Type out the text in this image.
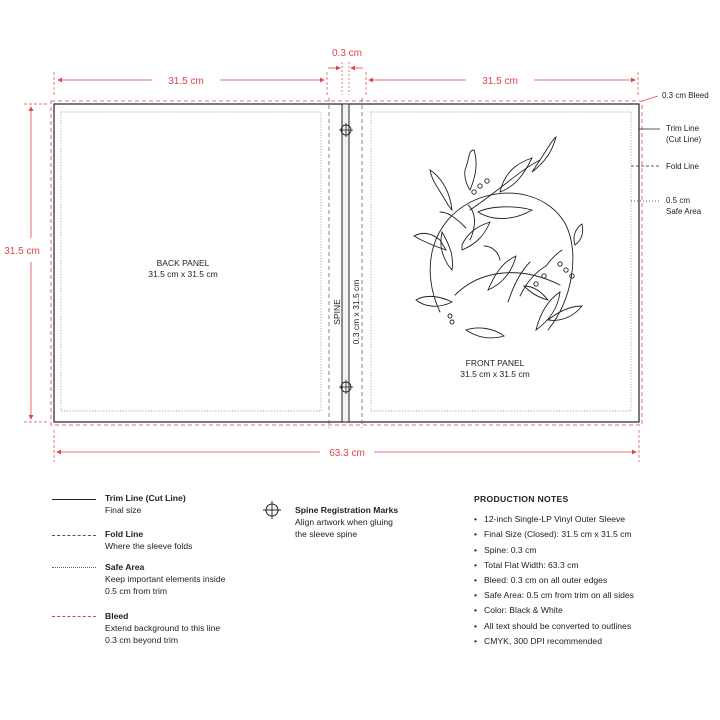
31.5 cm
0.3 cm
31.5 cm
31.5 cm
63.3 cm
0.3 cm Bleed
Trim Line
(Cut Line)
Fold Line
0.5 cm
Safe Area
BACK PANEL
31.5 cm x 31.5 cm
SPINE 0.3 cm x 31.5 cm
FRONT PANEL
31.5 cm x 31.5 cm
Trim Line (Cut Line)
Final size
Fold Line
Where the sleeve folds
Safe Area
Keep important elements inside
0.5 cm from trim
Bleed
Extend background to this line
0.3 cm beyond trim
Spine Registration Marks
Align artwork when gluing
the sleeve spine
PRODUCTION NOTES
• 12-inch Single-LP Vinyl Outer Sleeve
• Final Size (Closed): 31.5 cm x 31.5 cm
• Spine: 0.3 cm
• Total Flat Width: 63.3 cm
• Bleed: 0.3 cm on all outer edges
• Safe Area: 0.5 cm from trim on all sides
• Color: Black & White
• All text should be converted to outlines
• CMYK, 300 DPI recommended
